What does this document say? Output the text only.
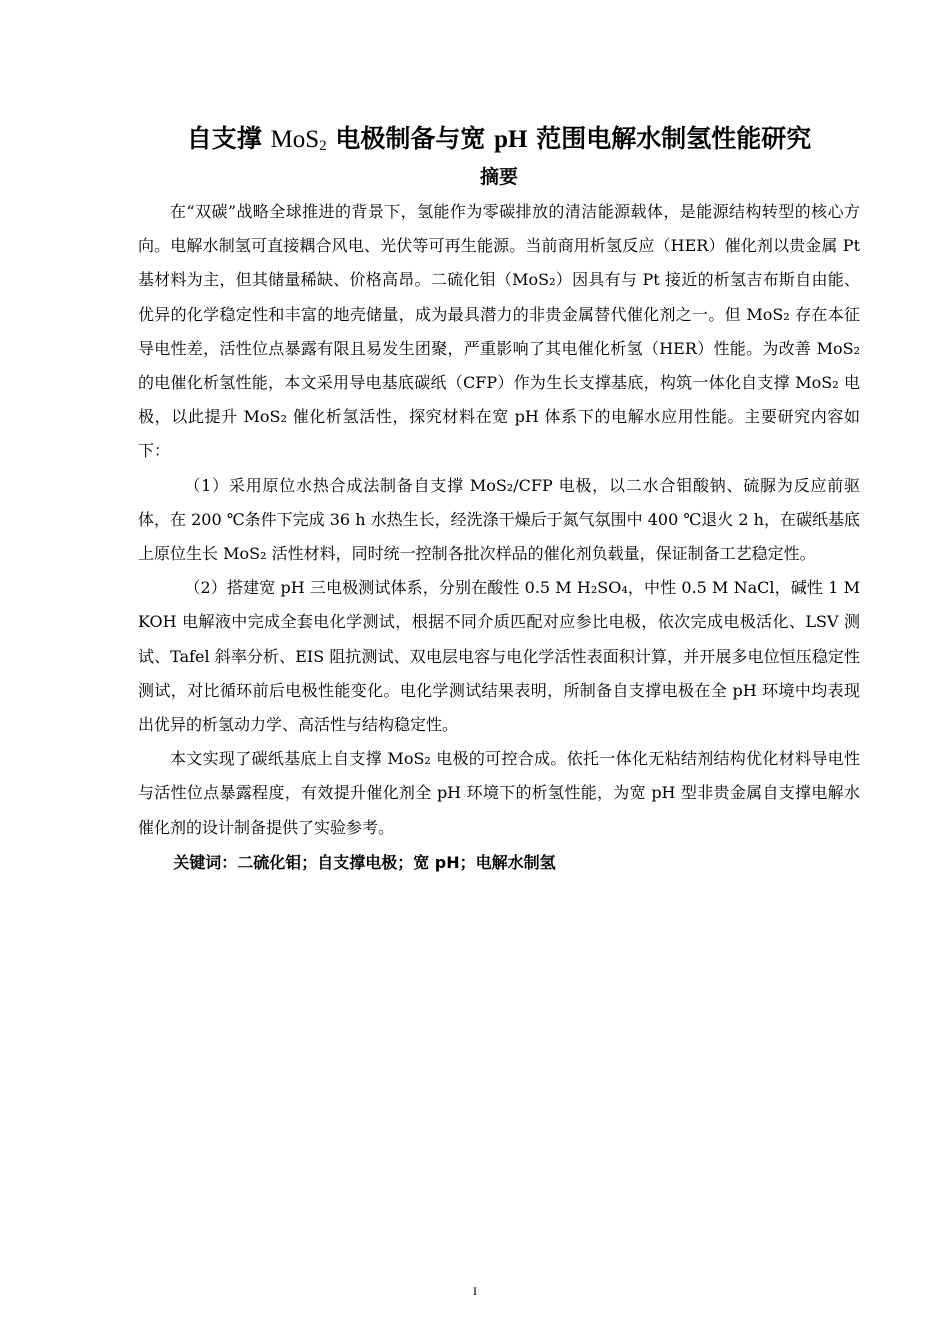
自支撑 MoS$_2$ 电极制备与宽 pH 范围电解水制氢性能研究
摘要

在“双碳”战略全球推进的背景下，氢能作为零碳排放的清洁能源载体，是能源结构转型的核心方向。电解水制氢可直接耦合风电、光伏等可再生能源。当前商用析氢反应（HER）催化剂以贵金属 Pt 基材料为主，但其储量稀缺、价格高昂。二硫化钼（MoS₂）因具有与 Pt 接近的析氢吉布斯自由能、优异的化学稳定性和丰富的地壳储量，成为最具潜力的非贵金属替代催化剂之一。但 MoS₂ 存在本征导电性差，活性位点暴露有限且易发生团聚，严重影响了其电催化析氢（HER）性能。为改善 MoS₂ 的电催化析氢性能，本文采用导电基底碳纸（CFP）作为生长支撑基底，构筑一体化自支撑 MoS₂ 电极，以此提升 MoS₂ 催化析氢活性，探究材料在宽 pH 体系下的电解水应用性能。主要研究内容如下：

（1）采用原位水热合成法制备自支撑 MoS₂/CFP 电极，以二水合钼酸钠、硫脲为反应前驱体，在 200 ℃条件下完成 36 h 水热生长，经洗涤干燥后于氮气氛围中 400 ℃退火 2 h，在碳纸基底上原位生长 MoS₂ 活性材料，同时统一控制各批次样品的催化剂负载量，保证制备工艺稳定性。

（2）搭建宽 pH 三电极测试体系，分别在酸性 0.5 M H₂SO₄，中性 0.5 M NaCl，碱性 1 M KOH 电解液中完成全套电化学测试，根据不同介质匹配对应参比电极，依次完成电极活化、LSV 测试、Tafel 斜率分析、EIS 阻抗测试、双电层电容与电化学活性表面积计算，并开展多电位恒压稳定性测试，对比循环前后电极性能变化。电化学测试结果表明，所制备自支撑电极在全 pH 环境中均表现出优异的析氢动力学、高活性与结构稳定性。

本文实现了碳纸基底上自支撑 MoS₂ 电极的可控合成。依托一体化无粘结剂结构优化材料导电性与活性位点暴露程度，有效提升催化剂全 pH 环境下的析氢性能，为宽 pH 型非贵金属自支撑电解水催化剂的设计制备提供了实验参考。

关键词：二硫化钼；自支撑电极；宽 pH；电解水制氢

I
